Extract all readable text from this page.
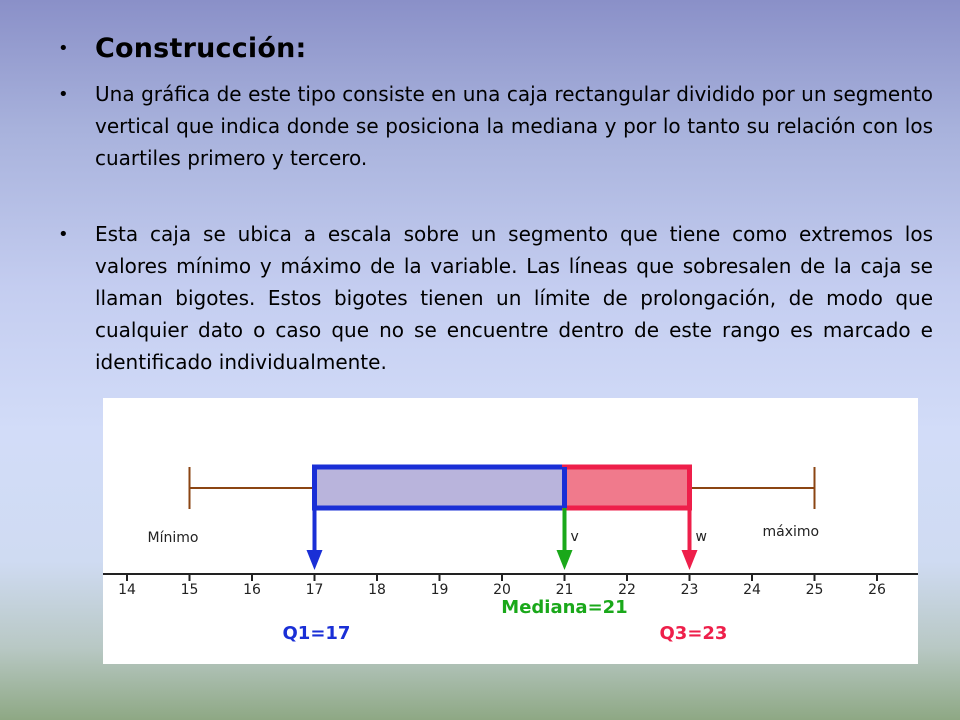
• Construcción:
• Una gráfica de este tipo consiste en una caja rectangular dividido por un segmento vertical que indica donde se posiciona la mediana y por lo tanto su relación con los cuartiles primero y tercero.
• Esta caja se ubica a escala sobre un segmento que tiene como extremos los valores mínimo y máximo de la variable. Las líneas que sobresalen de la caja se llaman bigotes. Estos bigotes tienen un límite de prolongación, de modo que cualquier dato o caso que no se encuentre dentro de este rango es marcado e identificado individualmente.
14	15	16	17	18	19	20	21	22	23	24	25	26
Mínimo	máximo
v	w
Q1=17
Mediana=21
Q3=23
